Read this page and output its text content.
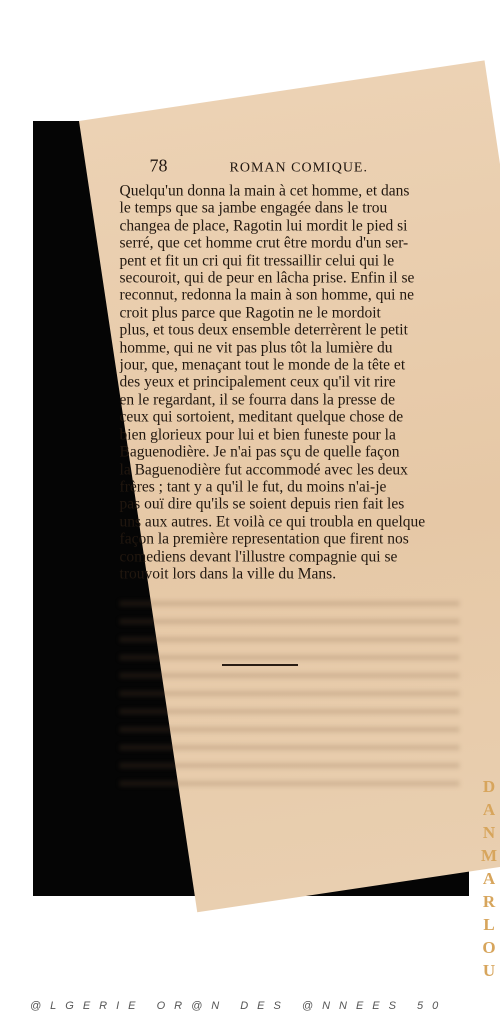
78	ROMAN COMIQUE.

Quelqu'un donna la main à cet homme, et dans
le temps que sa jambe engagée dans le trou
changea de place, Ragotin lui mordit le pied si
serré, que cet homme crut être mordu d'un ser-
pent et fit un cri qui fit tressaillir celui qui le
secouroit, qui de peur en lâcha prise. Enfin il se
reconnut, redonna la main à son homme, qui ne
croit plus parce que Ragotin ne le mordoit
plus, et tous deux ensemble deterrèrent le petit
homme, qui ne vit pas plus tôt la lumière du
jour, que, menaçant tout le monde de la tête et
des yeux et principalement ceux qu'il vit rire
en le regardant, il se fourra dans la presse de
ceux qui sortoient, meditant quelque chose de
bien glorieux pour lui et bien funeste pour la
Baguenodière. Je n'ai pas sçu de quelle façon
la Baguenodière fut accommodé avec les deux
frères ; tant y a qu'il le fut, du moins n'ai-je
pas ouï dire qu'ils se soient depuis rien fait les
uns aux autres. Et voilà ce qui troubla en quelque
façon la première representation que firent nos
comediens devant l'illustre compagnie qui se
trouvoit lors dans la ville du Mans.

DANMARLOU
@LGERIE OR@N DES @NNEES 50
